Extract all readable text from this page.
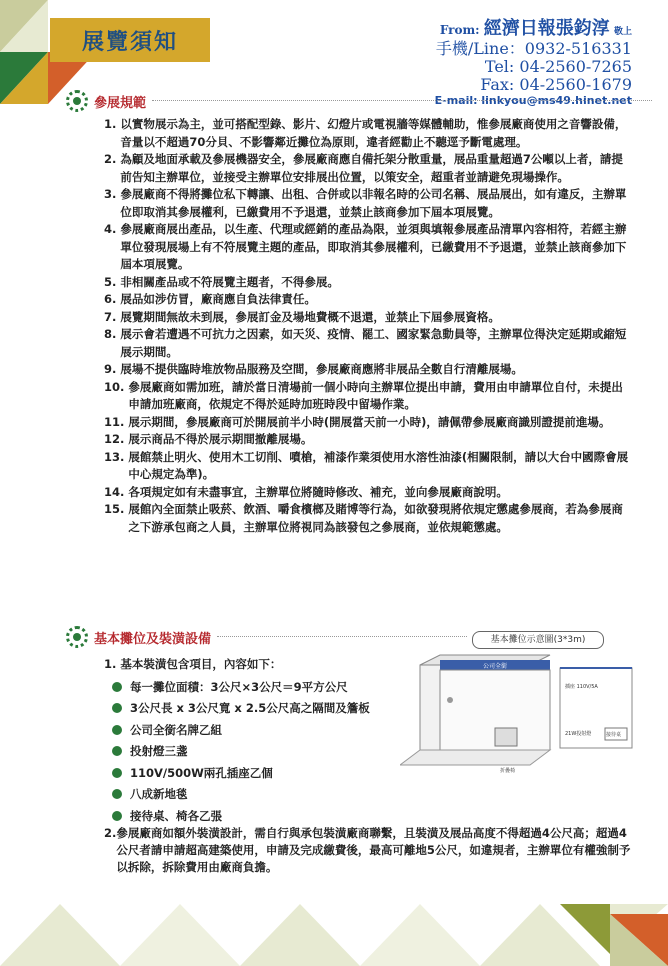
展覽須知	From: 經濟日報張鈞淳 敬上
手機/Line：0932-516331
Tel: 04-2560-7265
Fax: 04-2560-1679
E-mail: linkyou@ms49.hinet.net
參展規範
1. 以實物展示為主，並可搭配型錄、影片、幻燈片或電視牆等媒體輔助，惟參展廠商使用之音響設備，音量以不超過70分貝、不影響鄰近攤位為原則，違者經勸止不聽逕予斷電處理。
2. 為顧及地面承載及參展機器安全，參展廠商應自備托架分散重量，展品重量超過7公噸以上者，請提前告知主辦單位，並接受主辦單位安排展出位置，以策安全，超重者並請避免現場操作。
3. 參展廠商不得將攤位私下轉讓、出租、合併或以非報名時的公司名稱、展品展出，如有違反，主辦單位即取消其參展權利，已繳費用不予退還，並禁止該商參加下屆本項展覽。
4. 參展廠商展出產品，以生產、代理或經銷的產品為限，並須與填報參展產品清單內容相符，若經主辦單位發現展場上有不符展覽主題的產品，即取消其參展權利，已繳費用不予退還，並禁止該商參加下屆本項展覽。
5. 非相關產品或不符展覽主題者，不得參展。
6. 展品如涉仿冒，廠商應自負法律責任。
7. 展覽期間無故未到展，參展訂金及場地費概不退還，並禁止下屆參展資格。
8. 展示會若遭遇不可抗力之因素，如天災、疫情、罷工、國家緊急動員等，主辦單位得決定延期或縮短展示期間。
9. 展場不提供臨時堆放物品服務及空間，參展廠商應將非展品全數自行清離展場。
10. 參展廠商如需加班，請於當日清場前一個小時向主辦單位提出申請，費用由申請單位自付，未提出申請加班廠商，依規定不得於延時加班時段中留場作業。
11. 展示期間，參展廠商可於開展前半小時(開展當天前一小時)，請佩帶參展廠商識別證提前進場。
12. 展示商品不得於展示期間撤離展場。
13. 展館禁止明火、使用木工切削、噴槍，補漆作業須使用水溶性油漆(相關限制，請以大台中國際會展中心規定為準)。
14. 各項規定如有未盡事宜，主辦單位將隨時修改、補充，並向參展廠商說明。
15. 展館內全面禁止吸菸、飲酒、嚼食檳榔及賭博等行為，如欲發現將依規定懲處參展商，若為參展商之下游承包商之人員，主辦單位將視同為該發包之參展商，並依規範懲處。
基本攤位及裝潢設備	基本攤位示意圖(3*3m)
公司全銜
插座 110V/5A
21W投射燈	接待桌
折疊椅
1. 基本裝潢包含項目，內容如下：
每一攤位面積：3公尺×3公尺＝9平方公尺
3公尺長 x 3公尺寬 x 2.5公尺高之隔間及簷板
公司全銜名牌乙組
投射燈三盞
110V/500W兩孔插座乙個
八成新地毯
接待桌、椅各乙張
2. 參展廠商如額外裝潢設計，需自行與承包裝潢廠商聯繫，且裝潢及展品高度不得超過4公尺高；超過4公尺者請申請超高建築使用，申請及完成繳費後，最高可離地5公尺，如違規者，主辦單位有權強制予以拆除，拆除費用由廠商負擔。
